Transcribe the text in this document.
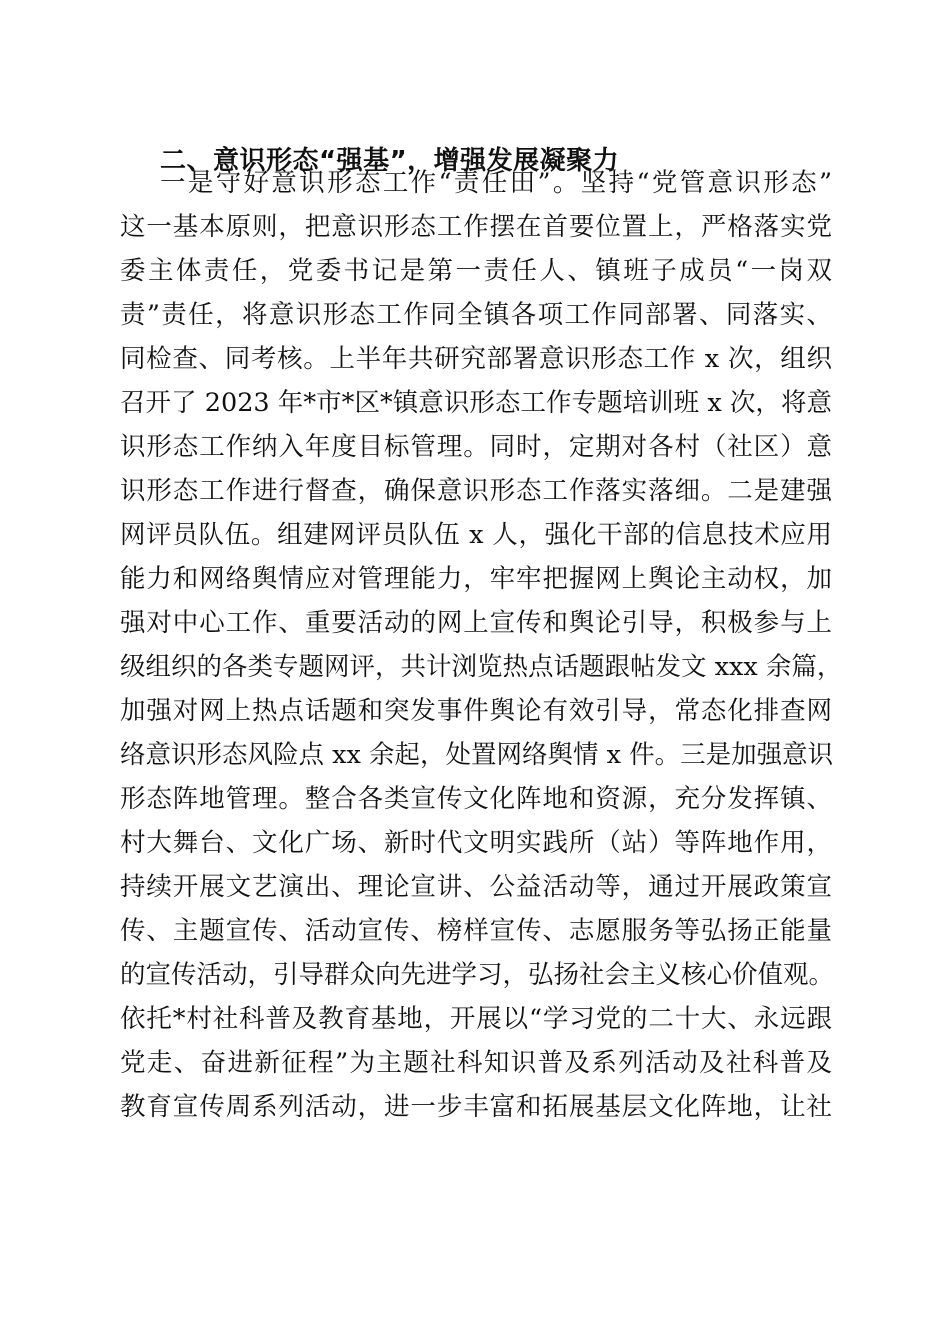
二、意识形态“强基”，增强发展凝聚力
一是守好意识形态工作“责任田”。坚持“党管意识形态”
这一基本原则，把意识形态工作摆在首要位置上，严格落实党
委主体责任，党委书记是第一责任人、镇班子成员“一岗双
责”责任，将意识形态工作同全镇各项工作同部署、同落实、
同检查、同考核。上半年共研究部署意识形态工作 x 次，组织
召开了 2023 年*市*区*镇意识形态工作专题培训班 x 次，将意
识形态工作纳入年度目标管理。同时，定期对各村（社区）意
识形态工作进行督查，确保意识形态工作落实落细。二是建强
网评员队伍。组建网评员队伍 x 人，强化干部的信息技术应用
能力和网络舆情应对管理能力，牢牢把握网上舆论主动权，加
强对中心工作、重要活动的网上宣传和舆论引导，积极参与上
级组织的各类专题网评，共计浏览热点话题跟帖发文 xxx 余篇，
加强对网上热点话题和突发事件舆论有效引导，常态化排查网
络意识形态风险点 xx 余起，处置网络舆情 x 件。三是加强意识
形态阵地管理。整合各类宣传文化阵地和资源，充分发挥镇、
村大舞台、文化广场、新时代文明实践所（站）等阵地作用，
持续开展文艺演出、理论宣讲、公益活动等，通过开展政策宣
传、主题宣传、活动宣传、榜样宣传、志愿服务等弘扬正能量
的宣传活动，引导群众向先进学习，弘扬社会主义核心价值观。
依托*村社科普及教育基地，开展以“学习党的二十大、永远跟
党走、奋进新征程”为主题社科知识普及系列活动及社科普及
教育宣传周系列活动，进一步丰富和拓展基层文化阵地，让社
